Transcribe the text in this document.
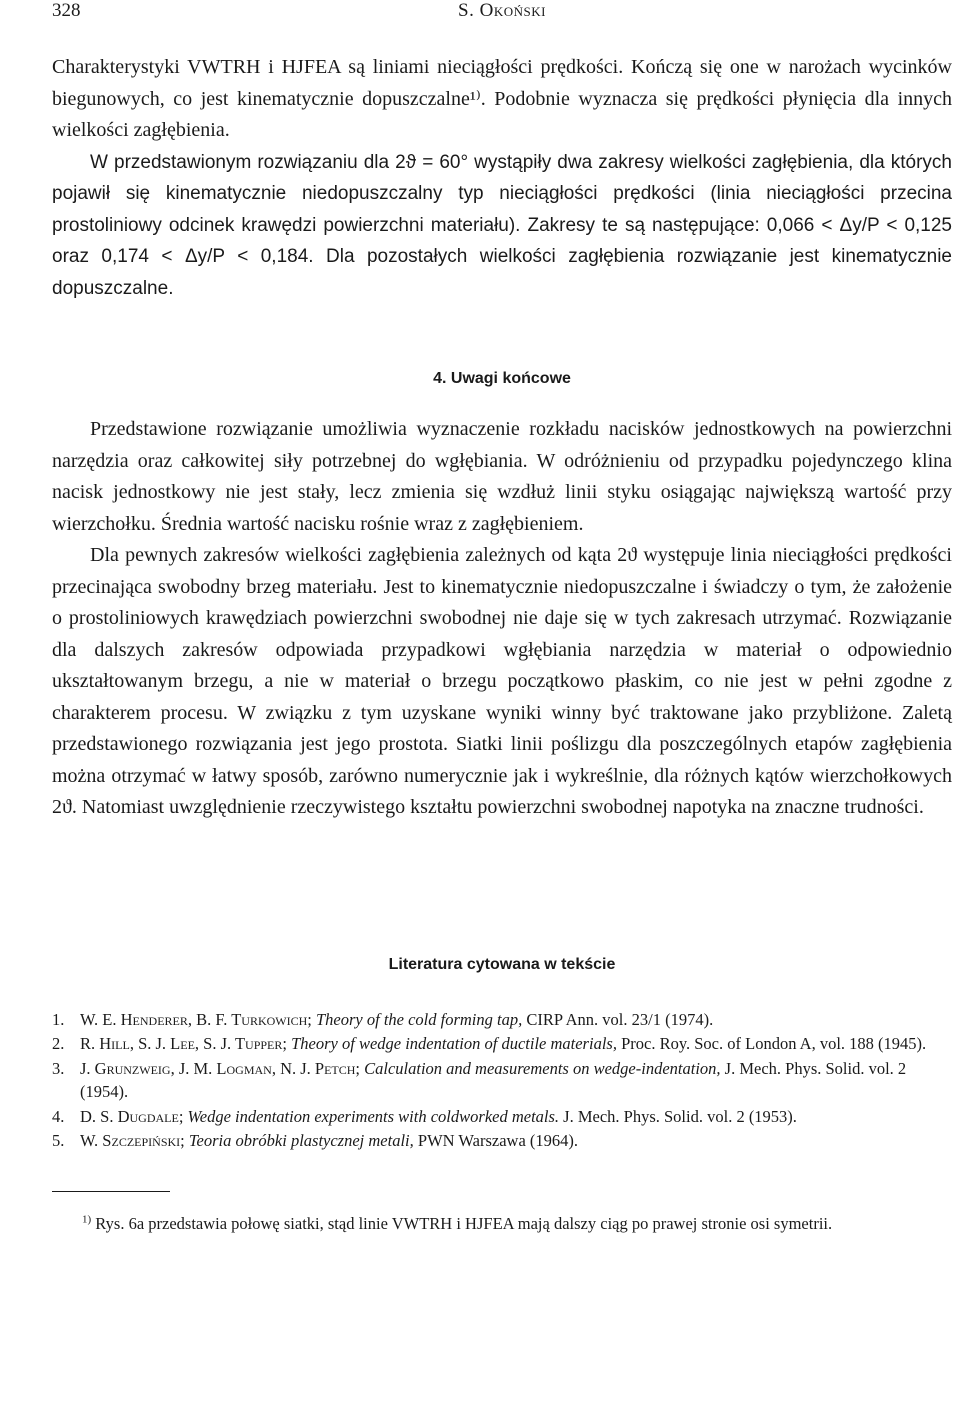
328	S. Okoński

Charakterystyki VWTRH i HJFEA są liniami nieciągłości prędkości. Kończą się one w narożach wycinków biegunowych, co jest kinematycznie dopuszczalne¹⁾. Podobnie wyznacza się prędkości płynięcia dla innych wielkości zagłębienia.

W przedstawionym rozwiązaniu dla 2ϑ = 60° wystąpiły dwa zakresy wielkości zagłębienia, dla których pojawił się kinematycznie niedopuszczalny typ nieciągłości prędkości (linia nieciągłości przecina prostoliniowy odcinek krawędzi powierzchni materiału). Zakresy te są następujące: 0,066 < Δy/P < 0,125 oraz 0,174 < Δy/P < 0,184. Dla pozostałych wielkości zagłębienia rozwiązanie jest kinematycznie dopuszczalne.

4. Uwagi końcowe

Przedstawione rozwiązanie umożliwia wyznaczenie rozkładu nacisków jednostkowych na powierzchni narzędzia oraz całkowitej siły potrzebnej do wgłębiania. W odróżnieniu od przypadku pojedynczego klina nacisk jednostkowy nie jest stały, lecz zmienia się wzdłuż linii styku osiągając największą wartość przy wierzchołku. Średnia wartość nacisku rośnie wraz z zagłębieniem.

Dla pewnych zakresów wielkości zagłębienia zależnych od kąta 2ϑ występuje linia nieciągłości prędkości przecinająca swobodny brzeg materiału. Jest to kinematycznie niedopuszczalne i świadczy o tym, że założenie o prostoliniowych krawędziach powierzchni swobodnej nie daje się w tych zakresach utrzymać. Rozwiązanie dla dalszych zakresów odpowiada przypadkowi wgłębiania narzędzia w materiał o odpowiednio ukształtowanym brzegu, a nie w materiał o brzegu początkowo płaskim, co nie jest w pełni zgodne z charakterem procesu. W związku z tym uzyskane wyniki winny być traktowane jako przybliżone. Zaletą przedstawionego rozwiązania jest jego prostota. Siatki linii poślizgu dla poszczególnych etapów zagłębienia można otrzymać w łatwy sposób, zarówno numerycznie jak i wykreślnie, dla różnych kątów wierzchołkowych 2ϑ. Natomiast uwzględnienie rzeczywistego kształtu powierzchni swobodnej napotyka na znaczne trudności.

Literatura cytowana w tekście
1. W. E. Henderer, B. F. Turkowich; Theory of the cold forming tap, CIRP Ann. vol. 23/1 (1974).
2. R. Hill, S. J. Lee, S. J. Tupper; Theory of wedge indentation of ductile materials, Proc. Roy. Soc. of London A, vol. 188 (1945).
3. J. Grunzweig, J. M. Logman, N. J. Petch; Calculation and measurements on wedge-indentation, J. Mech. Phys. Solid. vol. 2 (1954).
4. D. S. Dugdale; Wedge indentation experiments with coldworked metals. J. Mech. Phys. Solid. vol. 2 (1953).
5. W. Szczepiński; Teoria obróbki plastycznej metali, PWN Warszawa (1964).

$^{1)}$ Rys. 6a przedstawia połowę siatki, stąd linie VWTRH i HJFEA mają dalszy ciąg po prawej stronie osi symetrii.
